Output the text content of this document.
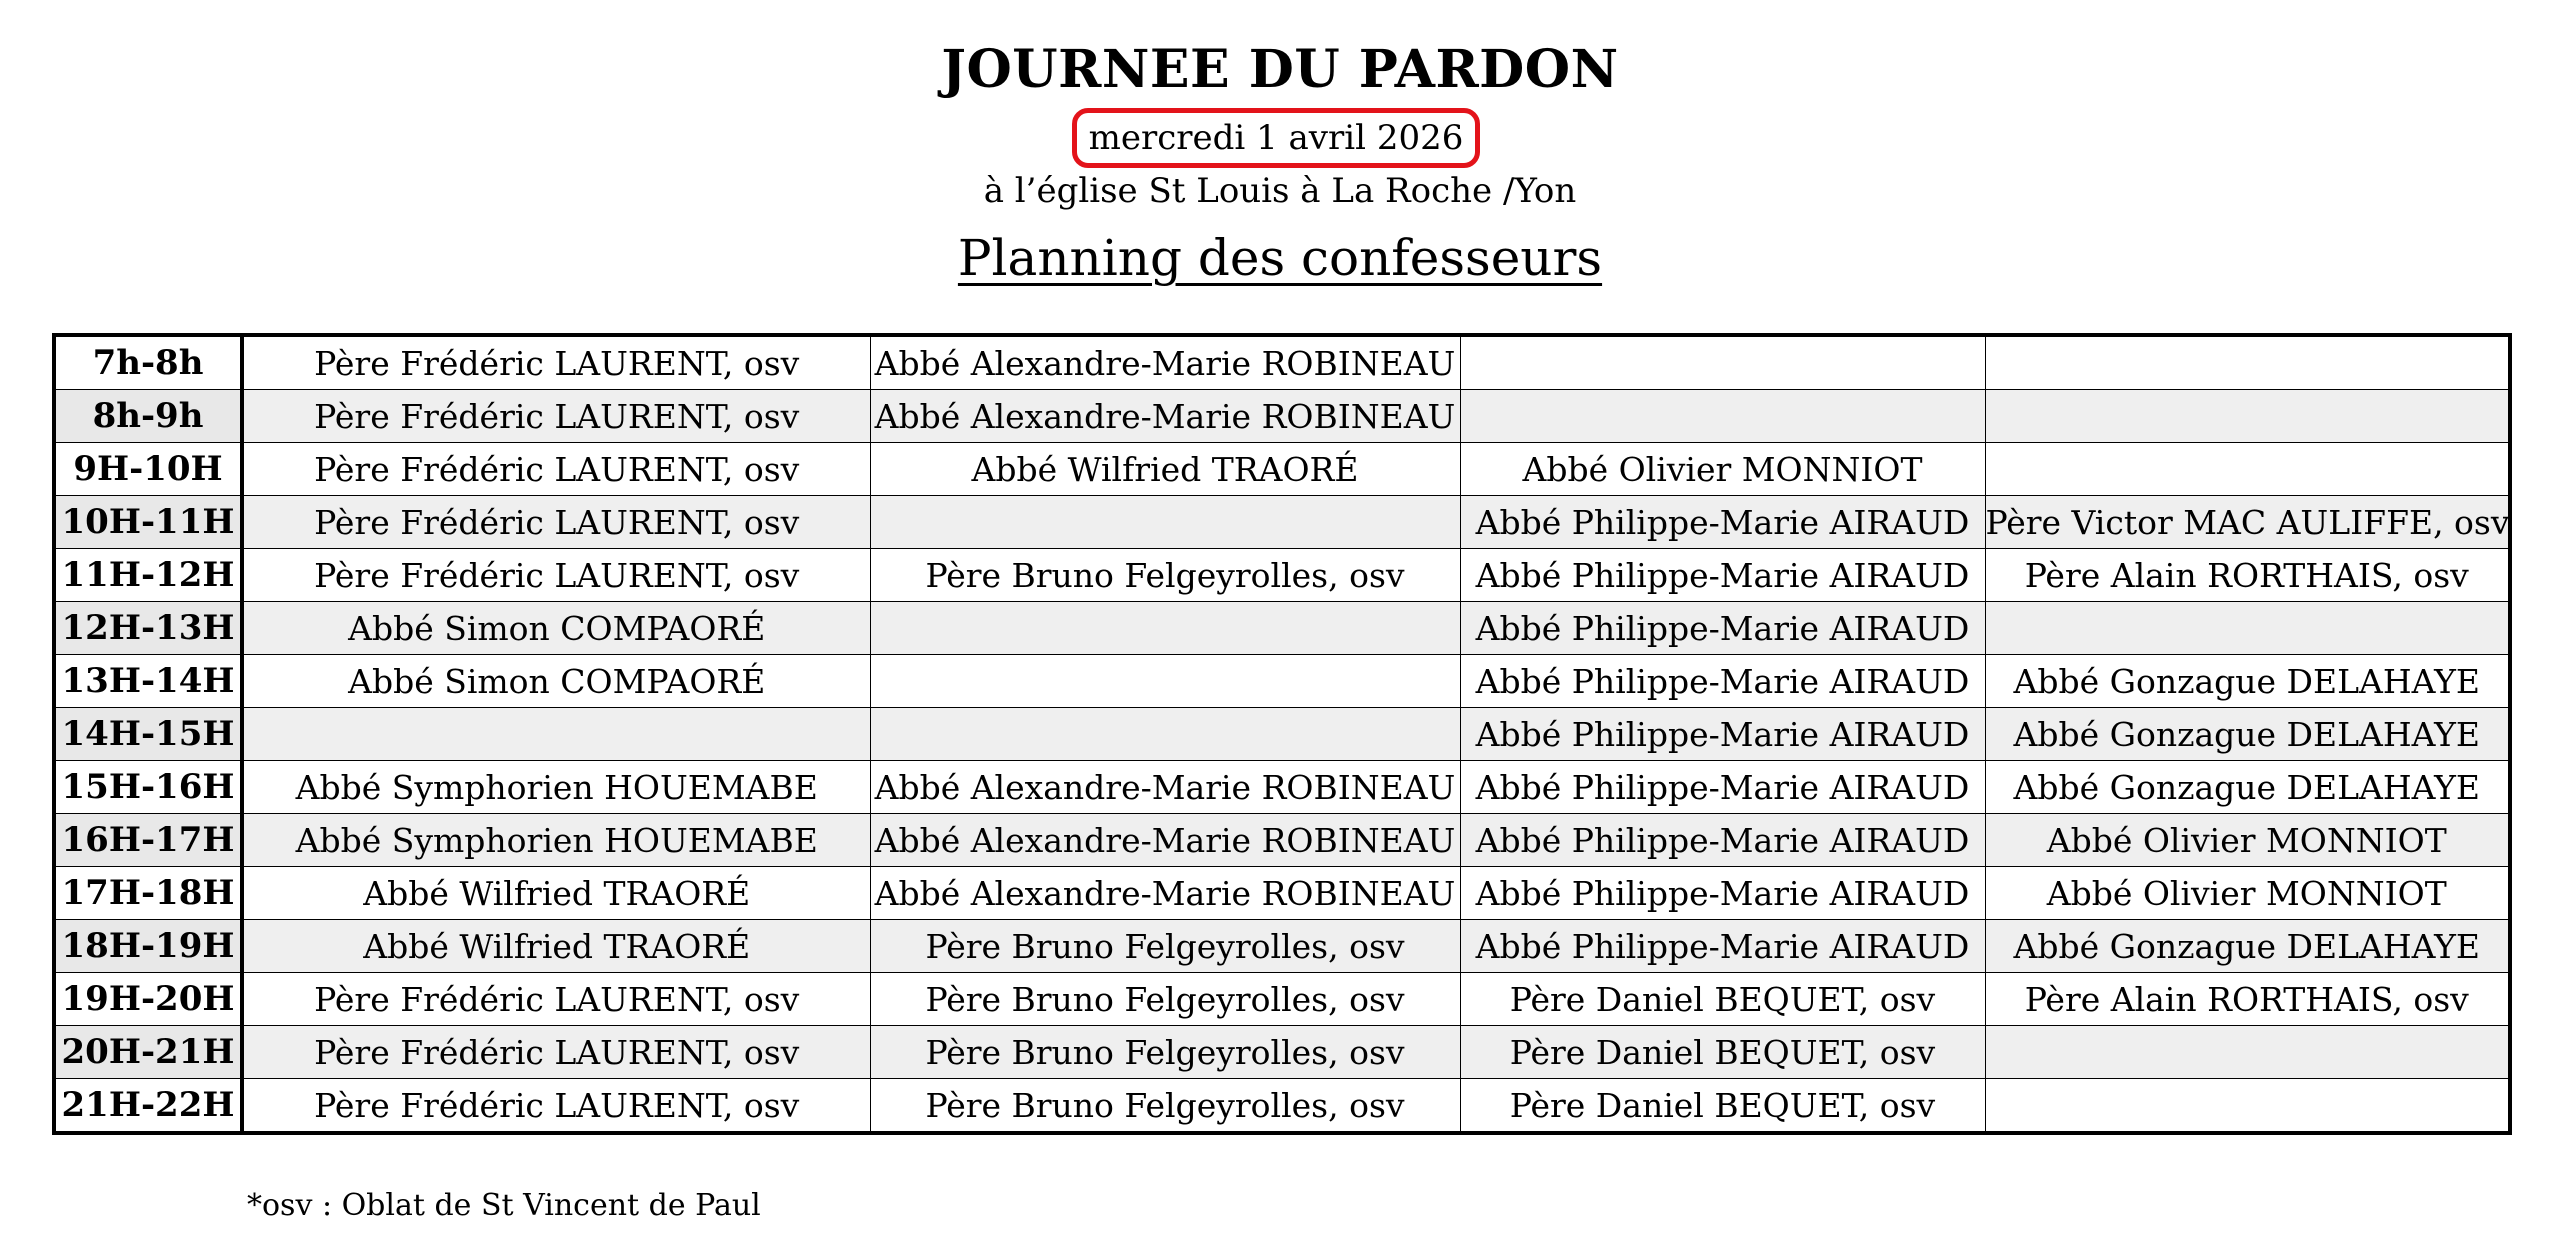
JOURNEE DU PARDON
mercredi 1 avril 2026
à l’église St Louis à La Roche /Yon
Planning des confesseurs
7h-8h	Père Frédéric LAURENT, osv	Abbé Alexandre-Marie ROBINEAU		
8h-9h	Père Frédéric LAURENT, osv	Abbé Alexandre-Marie ROBINEAU		
9H-10H	Père Frédéric LAURENT, osv	Abbé Wilfried TRAORÉ	Abbé Olivier MONNIOT	
10H-11H	Père Frédéric LAURENT, osv		Abbé Philippe-Marie AIRAUD	Père Victor MAC AULIFFE, osv
11H-12H	Père Frédéric LAURENT, osv	Père Bruno Felgeyrolles, osv	Abbé Philippe-Marie AIRAUD	Père Alain RORTHAIS, osv
12H-13H	Abbé Simon COMPAORÉ		Abbé Philippe-Marie AIRAUD	
13H-14H	Abbé Simon COMPAORÉ		Abbé Philippe-Marie AIRAUD	Abbé Gonzague DELAHAYE
14H-15H			Abbé Philippe-Marie AIRAUD	Abbé Gonzague DELAHAYE
15H-16H	Abbé Symphorien HOUEMABE	Abbé Alexandre-Marie ROBINEAU	Abbé Philippe-Marie AIRAUD	Abbé Gonzague DELAHAYE
16H-17H	Abbé Symphorien HOUEMABE	Abbé Alexandre-Marie ROBINEAU	Abbé Philippe-Marie AIRAUD	Abbé Olivier MONNIOT
17H-18H	Abbé Wilfried TRAORÉ	Abbé Alexandre-Marie ROBINEAU	Abbé Philippe-Marie AIRAUD	Abbé Olivier MONNIOT
18H-19H	Abbé Wilfried TRAORÉ	Père Bruno Felgeyrolles, osv	Abbé Philippe-Marie AIRAUD	Abbé Gonzague DELAHAYE
19H-20H	Père Frédéric LAURENT, osv	Père Bruno Felgeyrolles, osv	Père Daniel BEQUET, osv	Père Alain RORTHAIS, osv
20H-21H	Père Frédéric LAURENT, osv	Père Bruno Felgeyrolles, osv	Père Daniel BEQUET, osv	
21H-22H	Père Frédéric LAURENT, osv	Père Bruno Felgeyrolles, osv	Père Daniel BEQUET, osv	
*osv : Oblat de St Vincent de Paul
